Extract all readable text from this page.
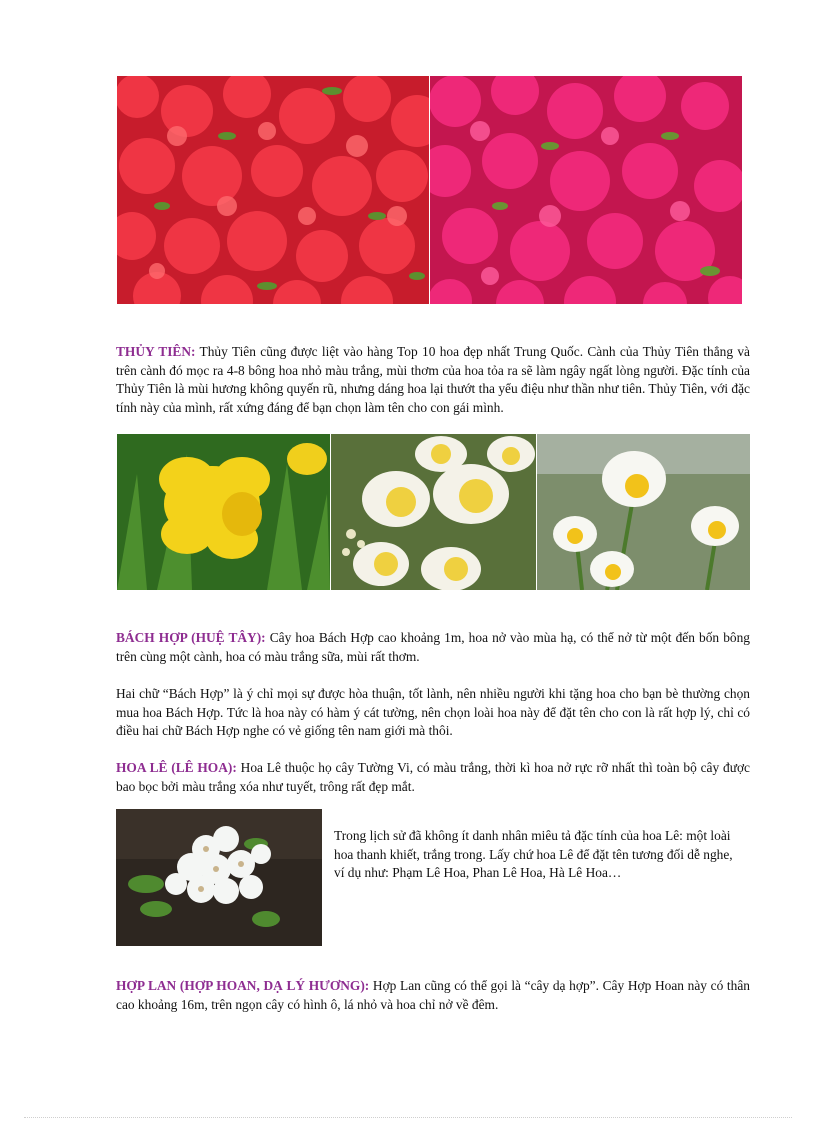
THỦY TIÊN: Thủy Tiên cũng được liệt vào hàng Top 10 hoa đẹp nhất Trung Quốc. Cành của Thủy Tiên thẳng và trên cành đó mọc ra 4-8 bông hoa nhỏ màu trắng, mùi thơm của hoa tỏa ra sẽ làm ngây ngất lòng người. Đặc tính của Thủy Tiên là mùi hương không quyến rũ, nhưng dáng hoa lại thướt tha yểu điệu như thần như tiên. Thủy Tiên, với đặc tính này của mình, rất xứng đáng để bạn chọn làm tên cho con gái mình.

BÁCH HỢP (HUỆ TÂY): Cây hoa Bách Hợp cao khoảng 1m, hoa nở vào mùa hạ, có thể nở từ một đến bốn bông trên cùng một cành, hoa có màu trắng sữa, mùi rất thơm.

Hai chữ “Bách Hợp” là ý chỉ mọi sự được hòa thuận, tốt lành, nên nhiều người khi tặng hoa cho bạn bè thường chọn mua hoa Bách Hợp. Tức là hoa này có hàm ý cát tường, nên chọn loài hoa này để đặt tên cho con là rất hợp lý, chỉ có điều hai chữ Bách Hợp nghe có vẻ giống tên nam giới mà thôi.

HOA LÊ (LÊ HOA): Hoa Lê thuộc họ cây Tường Vi, có màu trắng, thời kì hoa nở rực rỡ nhất thì toàn bộ cây được bao bọc bởi màu trắng xóa như tuyết, trông rất đẹp mắt.

Trong lịch sử đã không ít danh nhân miêu tả đặc tính của hoa Lê: một loài hoa thanh khiết, trắng trong. Lấy chứ hoa Lê để đặt tên tương đối dễ nghe, ví dụ như: Phạm Lê Hoa, Phan Lê Hoa, Hà Lê Hoa…

HỢP LAN (HỢP HOAN, DẠ LÝ HƯƠNG): Hợp Lan cũng có thể gọi là “cây dạ hợp”. Cây Hợp Hoan này có thân cao khoảng 16m, trên ngọn cây có hình ô, lá nhỏ và hoa chỉ nở về đêm.
